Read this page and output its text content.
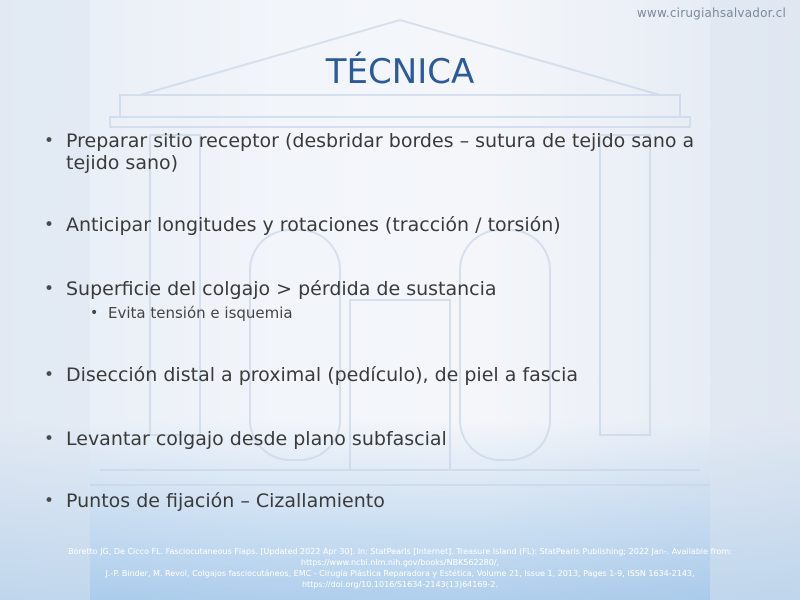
www.cirugiahsalvador.cl
TÉCNICA
• Preparar sitio receptor (desbridar bordes – sutura de tejido sano a
tejido sano)
• Anticipar longitudes y rotaciones (tracción / torsión)
• Superficie del colgajo > pérdida de sustancia
• Evita tensión e isquemia
• Disección distal a proximal (pedículo), de piel a fascia
• Levantar colgajo desde plano subfascial
• Puntos de fijación – Cizallamiento
Boretto JG, De Cicco FL. Fasciocutaneous Flaps. [Updated 2022 Apr 30]. In: StatPearls [Internet]. Treasure Island (FL): StatPearls Publishing; 2022 Jan-. Available from:
https://www.ncbi.nlm.nih.gov/books/NBK562280/,
J.-P. Binder, M. Revol, Colgajos fasciocutáneos, EMC - Cirugía Plástica Reparadora y Estética, Volume 21, Issue 1, 2013, Pages 1-9, ISSN 1634-2143,
https://doi.org/10.1016/S1634-2143(13)64169-2.
